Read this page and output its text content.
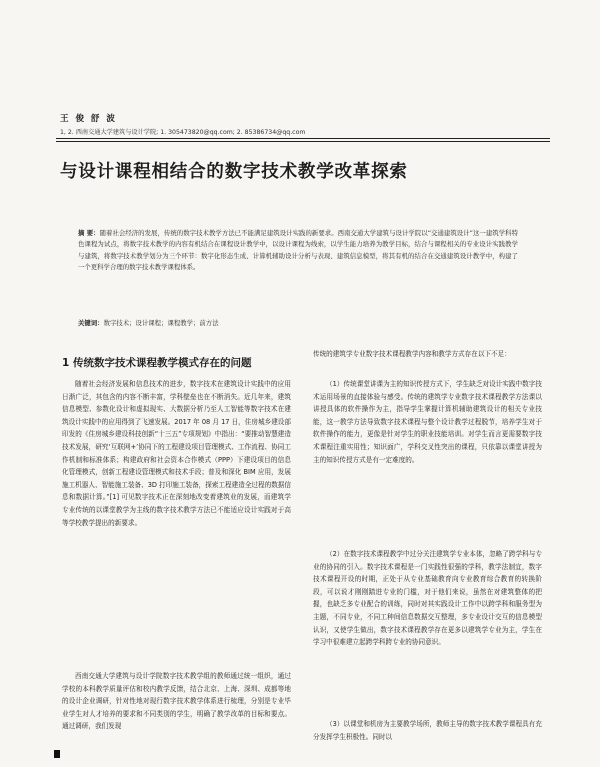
王 俊 舒 波
1, 2. 西南交通大学建筑与设计学院; 1. 305473820@qq.com; 2. 85386734@qq.com
与设计课程相结合的数字技术教学改革探索
摘 要：随着社会经济的发展，传统的数字技术教学方法已不能满足建筑设计实践的新要求。西南交通大学建筑与设计学院以“交通建筑设计”这一建筑学科特色课程为试点，将数字技术教学的内容有机结合在课程设计教学中，以设计课程为线索，以学生能力培养为教学目标，结合与课程相关的专业设计实践教学与建筑，将数字技术教学划分为三个环节：数字化形态生成、计算机辅助设计分析与表现、建筑信息模型，将其有机的结合在交通建筑设计教学中，构建了一个更科学合理的数字技术教学课程体系。
关键词：数字技术；设计课程；课程教学；前方法
1 传统数字技术课程教学模式存在的问题
随着社会经济发展和信息技术的进步，数字技术在建筑设计实践中的应用日渐广泛，其包含的内容不断丰富，学科壁垒也在不断消失。近几年来，建筑信息模型、参数化设计和虚拟现实、大数据分析乃至人工智能等数字技术在建筑设计实践中的应用得到了飞速发展。2017 年 08 月 17 日，住房城乡建设部印发的《住房城乡建设科技创新“十三五”专项规划》中指出：“要推动智慧建造技术发展，研究‘互联网+’协同下的工程建设项目管理模式、工作流程、协同工作机制和标准体系；构建政府和社会资本合作模式（PPP）下建设项目的信息化管理模式，创新工程建设管理模式和技术手段；普及和深化 BIM 应用，发展施工机器人、智能施工装备、3D 打印施工装备，探索工程建造全过程的数据信息和数据计算。”[1] 可见数字技术正在深刻地改变着建筑业的发展，而建筑学专业传统的以课堂教学为主线的数字技术教学方法已不能适应设计实践对于高等学校教学提出的新要求。
西南交通大学建筑与设计学院数字技术教学组的教师通过统一组织，通过学校的本科教学质量评估和校内教学反馈，结合北京、上海、深圳、成都等地的设计企业调研，针对性地对现行数字技术教学体系进行梳理，分别是专业毕业学生对人才培养的要求和不同类别的学生，明确了教学改革的目标和要点。通过调研，我们发现
传统的建筑学专业数字技术课程教学内容和教学方式存在以下不足：
（1）传统课堂讲课为主的知识传授方式下，学生缺乏对设计实践中数字技术运用场景的直接体验与感受。传统的建筑学专业数字技术课程教学方法课以讲授具体的软件操作为主，指导学生掌握计算机辅助建筑设计的相关专业技能，这一教学方法导致数字技术课程与整个设计教学过程脱节，培养学生对于软件操作的能力，更像是针对学生的职业技能培训。对学生而言更需要数字技术课程注重实用性；知识面广，学科交叉性突出的课程，只依靠以课堂讲授为主的知识传授方式是有一定难度的。
（2）在数字技术课程教学中过分关注建筑学专业本体，忽略了跨学科与专业的协同的引入。数字技术课程是一门实践性很强的学科，教学法制宜，数字技术课程开设的时期，正处于从专业基础教育向专业教育综合教育的转换阶段，可以说才刚刚踏进专业的门槛，对于他们来说，虽然在对建筑整体的把握，也缺乏多专业配合的训练，同时对其实践设计工作中以跨学科和服务型为主题，不同专业，不同工种间信息数据交互整理，多专业设计交互的信息模型认识，又使学生做出，数字技术课程教学存在更多以建筑学专业为主，学生在学习中很难建立起跨学科跨专业的协同意识。
（3）以课堂和机房为主要教学场所，教师主导的数字技术教学课程具有充分发挥学生积极性。同时以
